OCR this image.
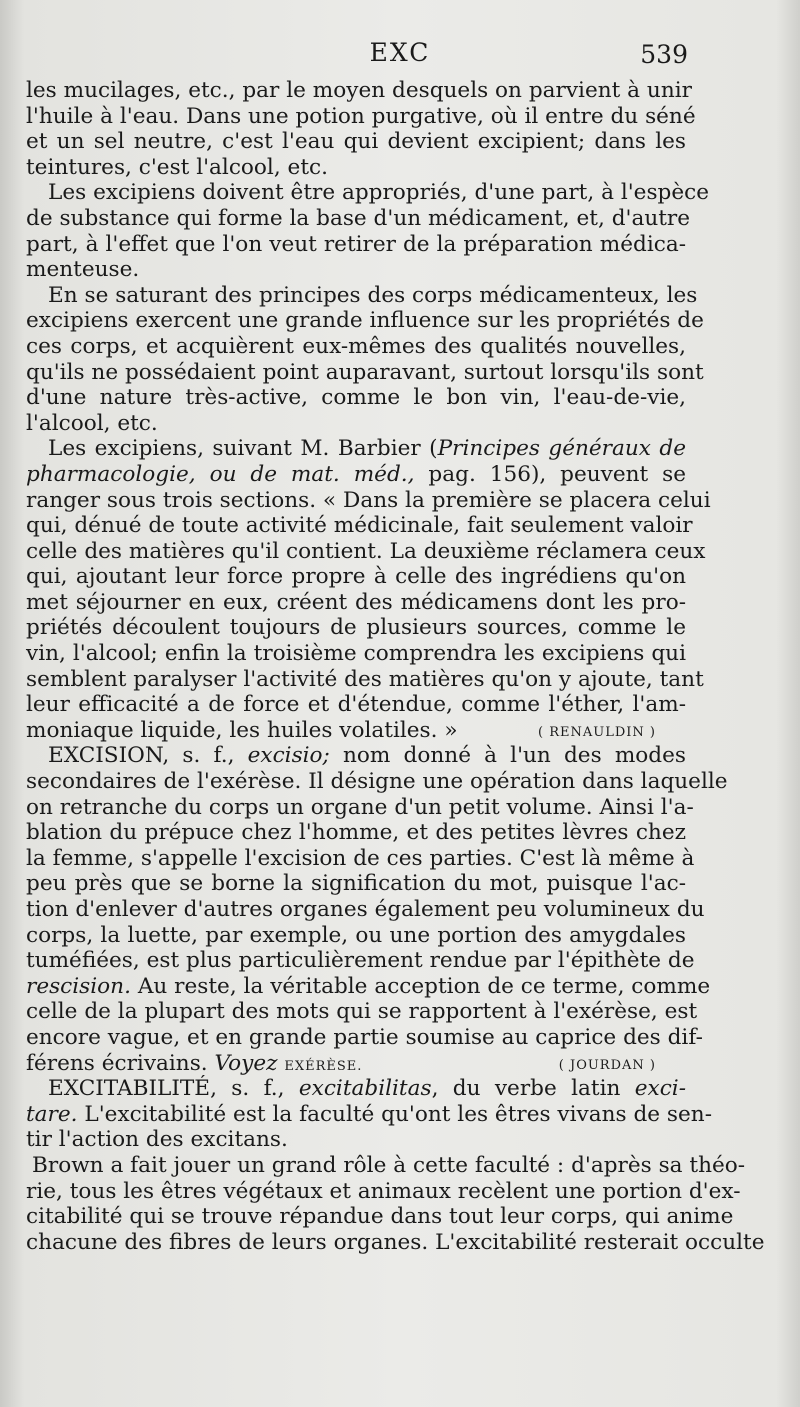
EXC	539
les mucilages, etc., par le moyen desquels on parvient à unir
l'huile à l'eau. Dans une potion purgative, où il entre du séné
et un sel neutre, c'est l'eau qui devient excipient; dans les
teintures, c'est l'alcool, etc.
Les excipiens doivent être appropriés, d'une part, à l'espèce
de substance qui forme la base d'un médicament, et, d'autre
part, à l'effet que l'on veut retirer de la préparation médica-
menteuse.
En se saturant des principes des corps médicamenteux, les
excipiens exercent une grande influence sur les propriétés de
ces corps, et acquièrent eux-mêmes des qualités nouvelles,
qu'ils ne possédaient point auparavant, surtout lorsqu'ils sont
d'une nature très-active, comme le bon vin, l'eau-de-vie,
l'alcool, etc.
Les excipiens, suivant M. Barbier (Principes généraux de
pharmacologie, ou de mat. méd., pag. 156), peuvent se
ranger sous trois sections. « Dans la première se placera celui
qui, dénué de toute activité médicinale, fait seulement valoir
celle des matières qu'il contient. La deuxième réclamera ceux
qui, ajoutant leur force propre à celle des ingrédiens qu'on
met séjourner en eux, créent des médicamens dont les pro-
priétés découlent toujours de plusieurs sources, comme le
vin, l'alcool; enfin la troisième comprendra les excipiens qui
semblent paralyser l'activité des matières qu'on y ajoute, tant
leur efficacité a de force et d'étendue, comme l'éther, l'am-
moniaque liquide, les huiles volatiles. »	( RENAULDIN )
EXCISION, s. f., excisio; nom donné à l'un des modes
secondaires de l'exérèse. Il désigne une opération dans laquelle
on retranche du corps un organe d'un petit volume. Ainsi l'a-
blation du prépuce chez l'homme, et des petites lèvres chez
la femme, s'appelle l'excision de ces parties. C'est là même à
peu près que se borne la signification du mot, puisque l'ac-
tion d'enlever d'autres organes également peu volumineux du
corps, la luette, par exemple, ou une portion des amygdales
tuméfiées, est plus particulièrement rendue par l'épithète de
rescision. Au reste, la véritable acception de ce terme, comme
celle de la plupart des mots qui se rapportent à l'exérèse, est
encore vague, et en grande partie soumise au caprice des dif-
férens écrivains. Voyez EXÉRÈSE.	( JOURDAN )
EXCITABILITÉ, s. f., excitabilitas, du verbe latin exci-
tare. L'excitabilité est la faculté qu'ont les êtres vivans de sen-
tir l'action des excitans.
Brown a fait jouer un grand rôle à cette faculté : d'après sa théo-
rie, tous les êtres végétaux et animaux recèlent une portion d'ex-
citabilité qui se trouve répandue dans tout leur corps, qui anime
chacune des fibres de leurs organes. L'excitabilité resterait occulte
